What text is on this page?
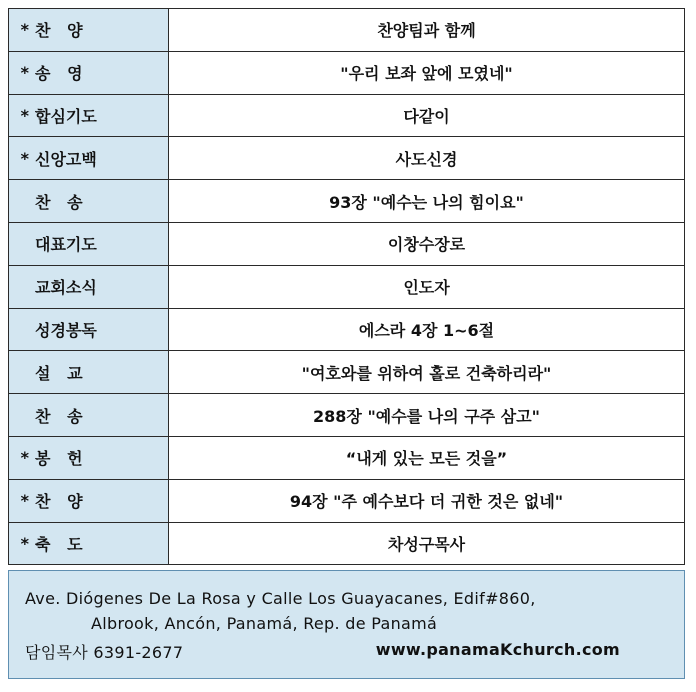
* 찬   양	찬양팀과 함께

* 송   영	"우리 보좌 앞에 모였네"

* 합심기도	다같이

* 신앙고백	사도신경

찬   송	93장 "예수는 나의 힘이요"

대표기도	이창수장로

교회소식	인도자

성경봉독	에스라 4장 1~6절

설   교	"여호와를 위하여 홀로 건축하리라"

찬   송	288장 "예수를 나의 구주 삼고"

* 봉   헌	“내게 있는 모든 것을”

* 찬   양	94장 "주 예수보다 더 귀한 것은 없네"

* 축   도	차성구목사
Ave. Diógenes De La Rosa y Calle Los Guayacanes, Edif#860,
Albrook, Ancón, Panamá, Rep. de Panamá
담임목사 6391-2677	www.panamaKchurch.com
